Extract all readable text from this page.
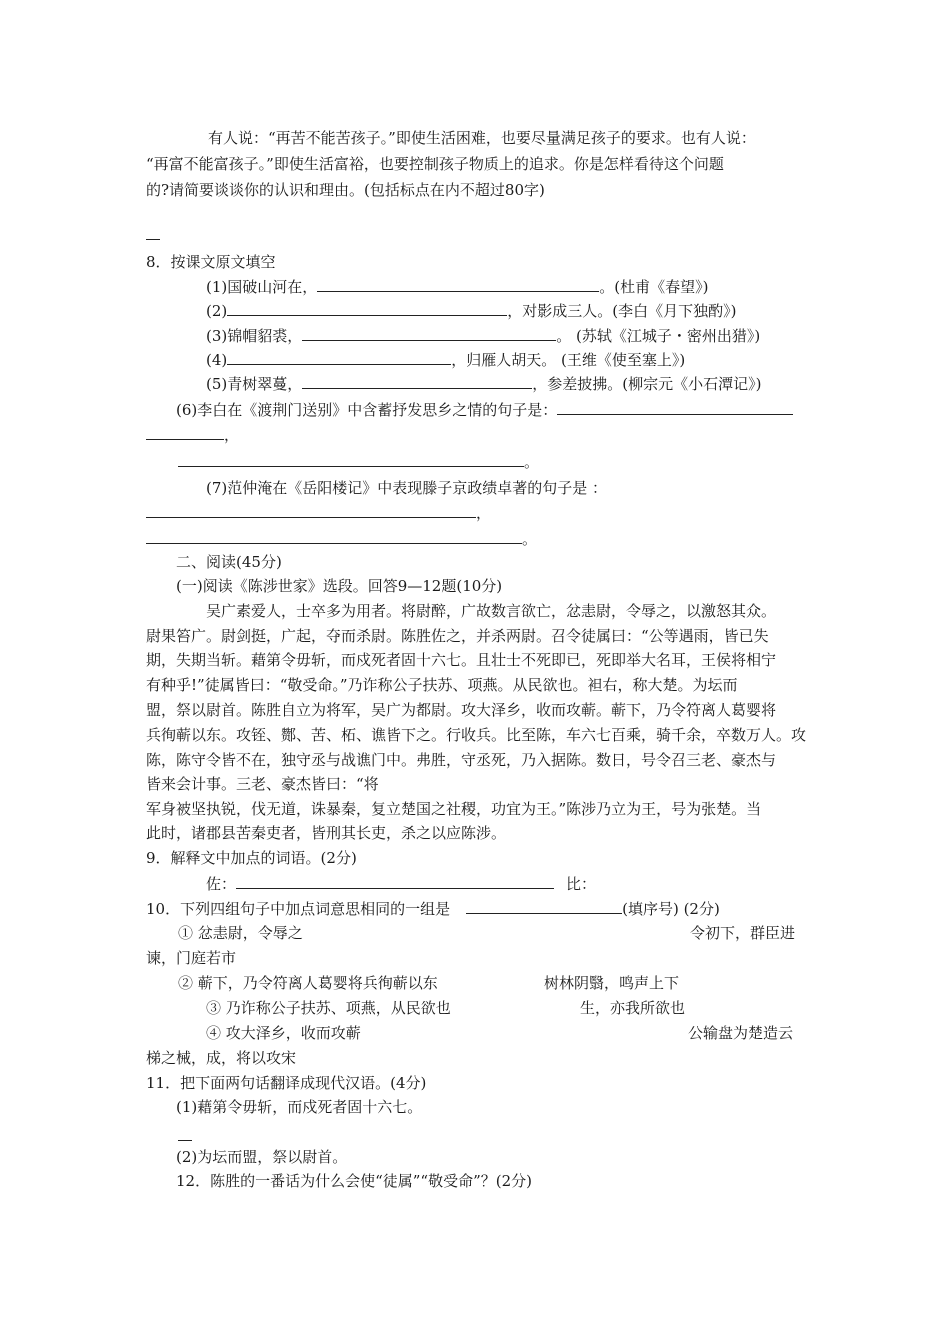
有人说：“再苦不能苦孩子。”即使生活困难，也要尽量满足孩子的要求。也有人说：
“再富不能富孩子。”即使生活富裕，也要控制孩子物质上的追求。你是怎样看待这个问题
的?请简要谈谈你的认识和理由。(包括标点在内不超过80字)
8．按课文原文填空
(1)国破山河在，	。(杜甫《春望》)
(2)	，对影成三人。(李白《月下独酌》)
(3)锦帽貂裘，	。 (苏轼《江城子・密州出猎》)
(4)	，归雁人胡天。 (王维《使至塞上》)
(5)青树翠蔓，	，参差披拂。(柳宗元《小石潭记》)
(6)李白在《渡荆门送别》中含蓄抒发思乡之情的句子是：
，
。
(7)范仲淹在《岳阳楼记》中表现滕子京政绩卓著的句子是 ：
，
。
二、阅读(45分)
(一)阅读《陈涉世家》选段。回答9—12题(10分)
吴广素爱人，士卒多为用者。将尉醉，广故数言欲亡，忿恚尉，令辱之，以激怒其众。
尉果笞广。尉剑挺，广起，夺而杀尉。陈胜佐之，并杀两尉。召令徒属曰：“公等遇雨，皆已失
期，失期当斩。藉第令毋斩，而戍死者固十六七。且壮士不死即已，死即举大名耳，王侯将相宁
有种乎!”徒属皆曰：“敬受命。”乃诈称公子扶苏、项燕。从民欲也。袒右，称大楚。为坛而
盟，祭以尉首。陈胜自立为将军，吴广为都尉。攻大泽乡，收而攻蕲。蕲下，乃令符离人葛婴将
兵徇蕲以东。攻铚、酂、苦、柘、谯皆下之。行收兵。比至陈，车六七百乘，骑千余，卒数万人。攻
陈，陈守令皆不在，独守丞与战谯门中。弗胜，守丞死，乃入据陈。数日，号令召三老、豪杰与
皆来会计事。三老、豪杰皆曰：“将
军身被坚执锐，伐无道，诛暴秦，复立楚国之社稷，功宜为王。”陈涉乃立为王，号为张楚。当
此时，诸郡县苦秦吏者，皆刑其长吏，杀之以应陈涉。
9．解释文中加点的词语。(2分)
佐：	比：
10．下列四组句子中加点词意思相同的一组是	(填序号) (2分)
① 忿恚尉，令辱之	令初下，群臣进
谏，门庭若市
② 蕲下，乃令符离人葛婴将兵徇蕲以东	树林阴翳，鸣声上下
③ 乃诈称公子扶苏、项燕，从民欲也	生，亦我所欲也
④ 攻大泽乡，收而攻蕲	公输盘为楚造云
梯之械，成，将以攻宋
11．把下面两句话翻译成现代汉语。(4分)
(1)藉第令毋斩，而戍死者固十六七。
(2)为坛而盟，祭以尉首。
12．陈胜的一番话为什么会使“徒属”“敬受命”？(2分)
